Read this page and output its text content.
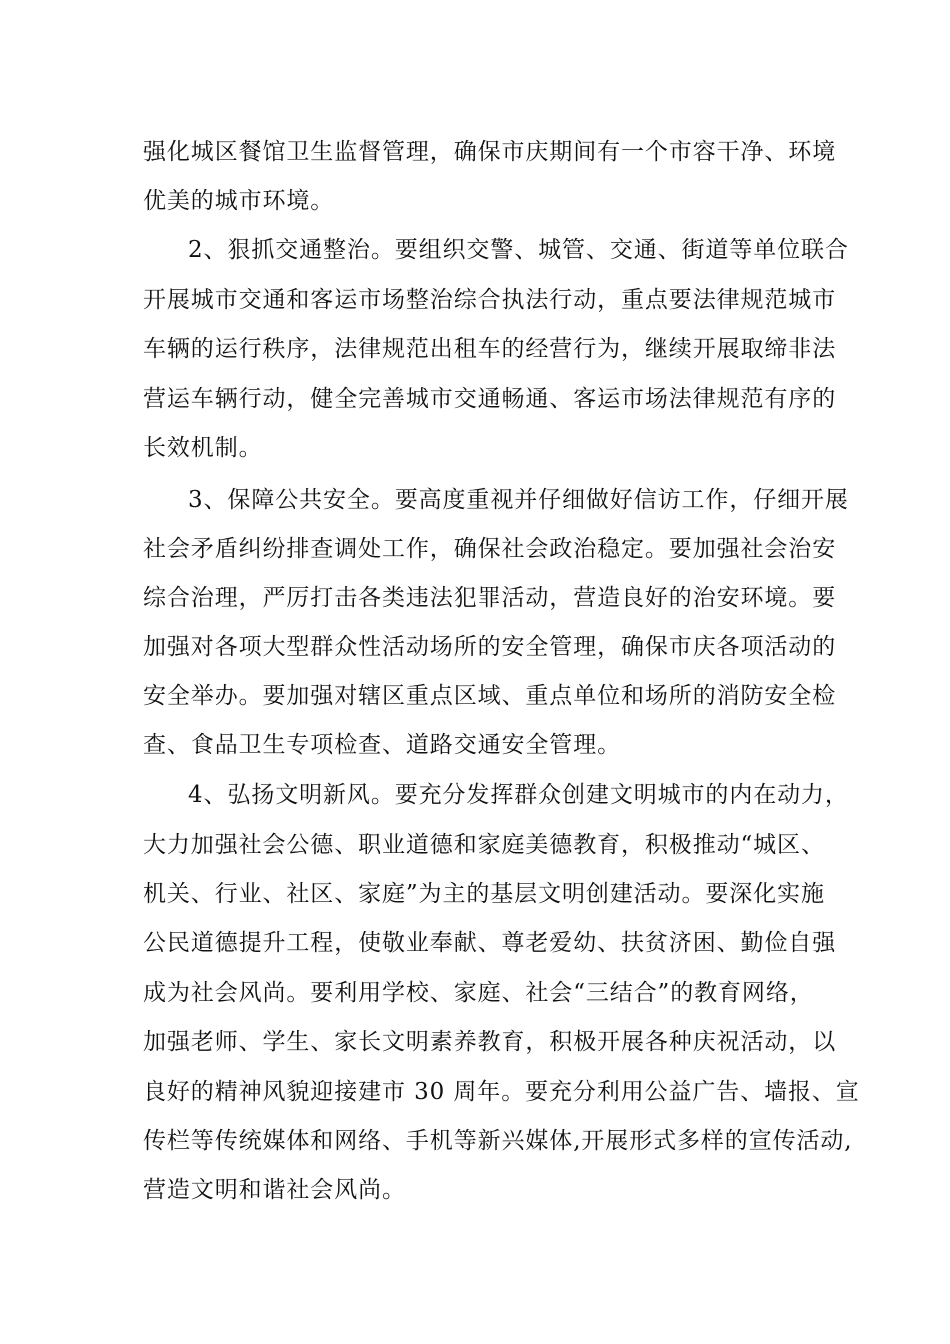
强化城区餐馆卫生监督管理，确保市庆期间有一个市容干净、环境
优美的城市环境。
2、狠抓交通整治。要组织交警、城管、交通、街道等单位联合
开展城市交通和客运市场整治综合执法行动，重点要法律规范城市
车辆的运行秩序，法律规范出租车的经营行为，继续开展取缔非法
营运车辆行动，健全完善城市交通畅通、客运市场法律规范有序的
长效机制。
3、保障公共安全。要高度重视并仔细做好信访工作，仔细开展
社会矛盾纠纷排查调处工作，确保社会政治稳定。要加强社会治安
综合治理，严厉打击各类违法犯罪活动，营造良好的治安环境。要
加强对各项大型群众性活动场所的安全管理，确保市庆各项活动的
安全举办。要加强对辖区重点区域、重点单位和场所的消防安全检
查、食品卫生专项检查、道路交通安全管理。
4、弘扬文明新风。要充分发挥群众创建文明城市的内在动力，
大力加强社会公德、职业道德和家庭美德教育，积极推动“城区、
机关、行业、社区、家庭”为主的基层文明创建活动。要深化实施
公民道德提升工程，使敬业奉献、尊老爱幼、扶贫济困、勤俭自强
成为社会风尚。要利用学校、家庭、社会“三结合”的教育网络，
加强老师、学生、家长文明素养教育，积极开展各种庆祝活动，以
良好的精神风貌迎接建市 30 周年。要充分利用公益广告、墙报、宣
传栏等传统媒体和网络、手机等新兴媒体,开展形式多样的宣传活动,
营造文明和谐社会风尚。
